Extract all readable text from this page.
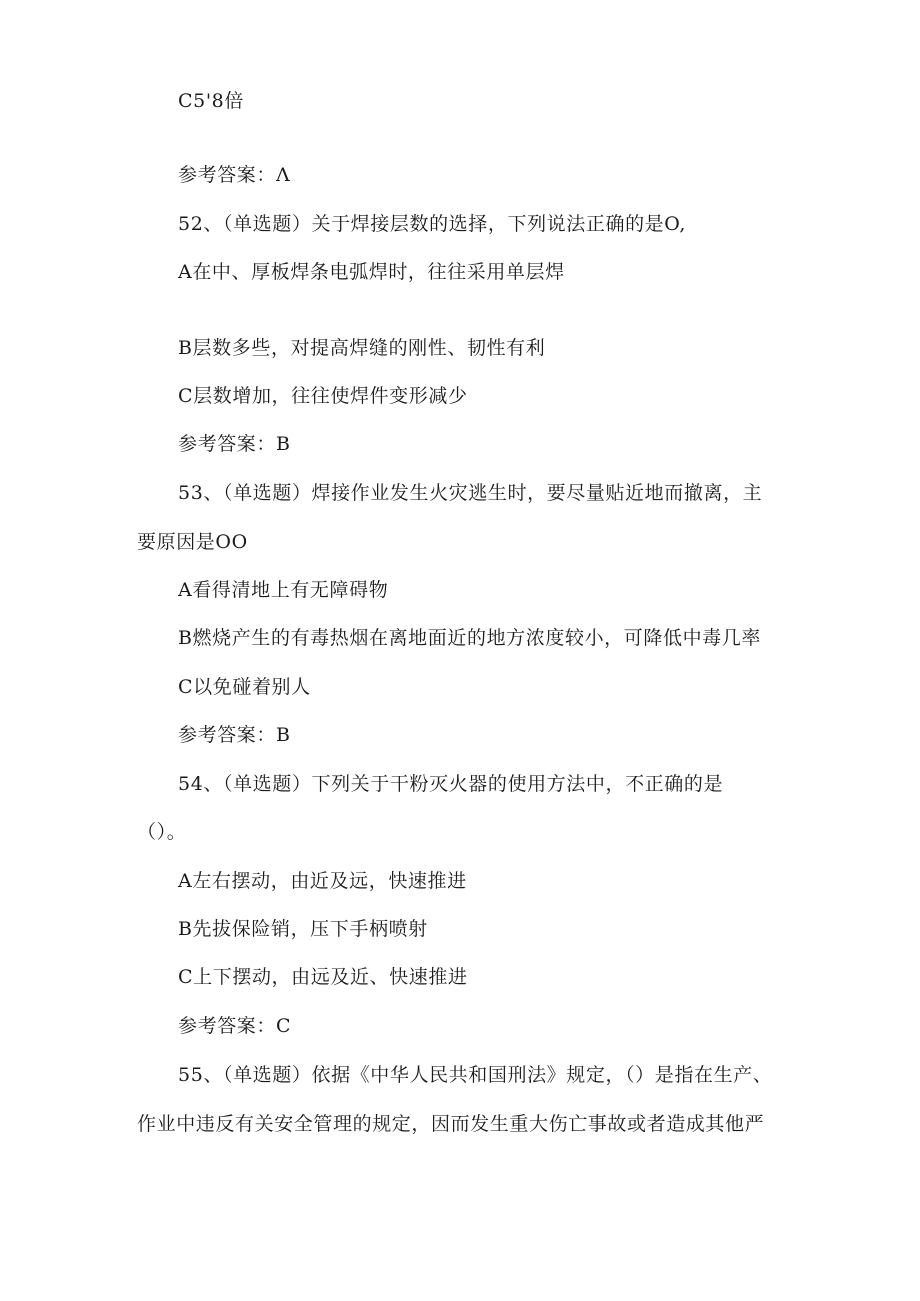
C5'8倍
参考答案：Λ
52、（单选题）关于焊接层数的选择，下列说法正确的是O,
A在中、厚板焊条电弧焊时，往往采用单层焊
B层数多些，对提高焊缝的刚性、韧性有利
C层数增加，往往使焊件变形减少
参考答案：B
53、（单选题）焊接作业发生火灾逃生时，要尽量贴近地而撤离，主
要原因是OO
A看得清地上有无障碍物
B燃烧产生的有毒热烟在离地面近的地方浓度较小，可降低中毒几率
C以免碰着别人
参考答案：B
54、（单选题）下列关于干粉灭火器的使用方法中，不正确的是
（）。
A左右摆动，由近及远，快速推进
B先拔保险销，压下手柄喷射
C上下摆动，由远及近、快速推进
参考答案：C
55、（单选题）依据《中华人民共和国刑法》规定，（）是指在生产、
作业中违反有关安全管理的规定，因而发生重大伤亡事故或者造成其他严
